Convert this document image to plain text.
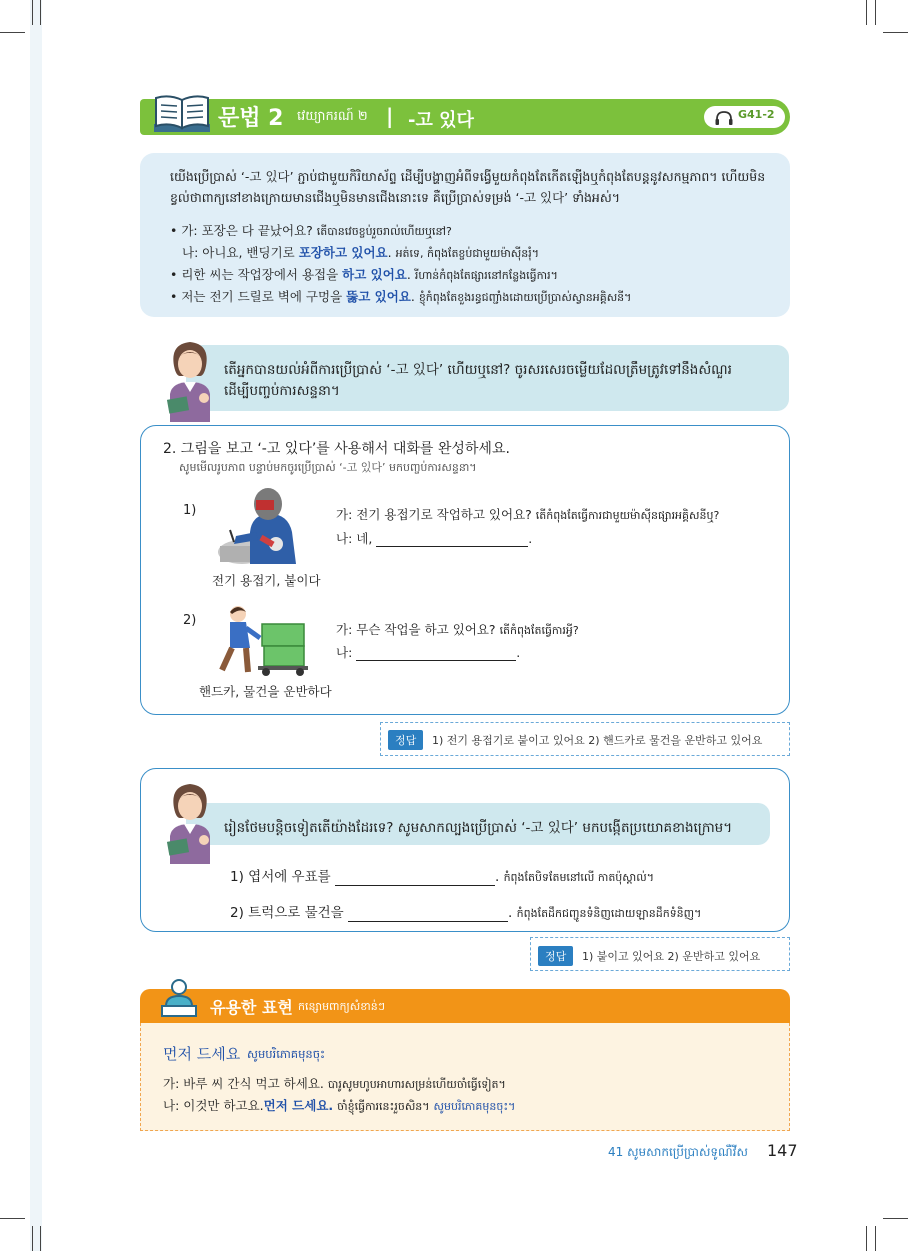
문법 2 វេយ្យាករណ៍ ២ | -고 있다	G41-2

យើងប្រើប្រាស់ ‘-고 있다’ ភ្ជាប់ជាមួយកិរិយាស័ព្ទ ដើម្បីបង្ហាញអំពីទង្វើមួយកំពុងតែកើតឡើងឬកំពុងតែបន្តនូវសកម្មភាព។ ហើយមិន

ខ្វល់ថាពាក្យនៅខាងក្រោយមានជើងឬមិនមានជើងនោះទេ គឺប្រើប្រាស់ទម្រង់ ‘-고 있다’ ទាំងអស់។

• 가: 포장은 다 끝났어요? តើបានវេចខ្ចប់រួចរាល់ហើយឬនៅ?

나: 아니요, 밴딩기로 포장하고 있어요. អត់ទេ, កំពុងតែខ្ចប់ជាមួយម៉ាស៊ីនរុំ។

• 리한 씨는 작업장에서 용접을 하고 있어요. រីហាន់កំពុងតែផ្សារនៅកន្លែងធ្វើការ។

• 저는 전기 드릴로 벽에 구멍을 뚫고 있어요. ខ្ញុំកំពុងតែខួងរន្ធជញ្ជាំងដោយប្រើប្រាស់ស្វានអគ្គិសនី។

តើអ្នកបានយល់អំពីការប្រើប្រាស់ ‘-고 있다’ ហើយឬនៅ? ចូរសរសេរចម្លើយដែលត្រឹមត្រូវទៅនឹងសំណួរ
ដើម្បីបញ្ចប់ការសន្ទនា។
2. 그림을 보고 ‘-고 있다’를 사용해서 대화를 완성하세요.
សូមមើលរូបភាព បន្ទាប់មកចូរប្រើប្រាស់ ‘-고 있다’ មកបញ្ចប់ការសន្ទនា។
1)	가: 전기 용접기로 작업하고 있어요? តើកំពុងតែធ្វើការជាមួយម៉ាស៊ីនផ្សារអគ្គិសនីឬ?
나: 네,	.
전기 용접기, 붙이다
2)
가: 무슨 작업을 하고 있어요? តើកំពុងតែធ្វើការអ្វី?
나:	.
핸드카, 물건을 운반하다
정답	1) 전기 용접기로 붙이고 있어요 2) 핸드카로 물건을 운반하고 있어요
រៀនថែមបន្តិចទៀតតើយ៉ាងដែរទេ? សូមសាកល្បងប្រើប្រាស់ ‘-고 있다’ មកបង្កើតប្រយោគខាងក្រោម។
1) 엽서에 우표를	. កំពុងតែបិទតែមនៅលើ កាតប៉ុស្តាល់។
2) 트럭으로 물건을	. កំពុងតែដឹកជញ្ជូនទំនិញដោយឡានដឹកទំនិញ។
정답	1) 붙이고 있어요 2) 운반하고 있어요
유용한 표현 កន្សោមពាក្យសំខាន់ៗ
먼저 드세요 សូមបរិភោគមុនចុះ
가: 바루 씨 간식 먹고 하세요. បារូសូមហូបអាហារសម្រន់ហើយចាំធ្វើទៀត។
나: 이것만 하고요.먼저 드세요. ចាំខ្ញុំធ្វើការនេះរួចសិន។ សូមបរិភោគមុនចុះ។
41 សូមសាកប្រើប្រាស់ទូណឺវីស 147
